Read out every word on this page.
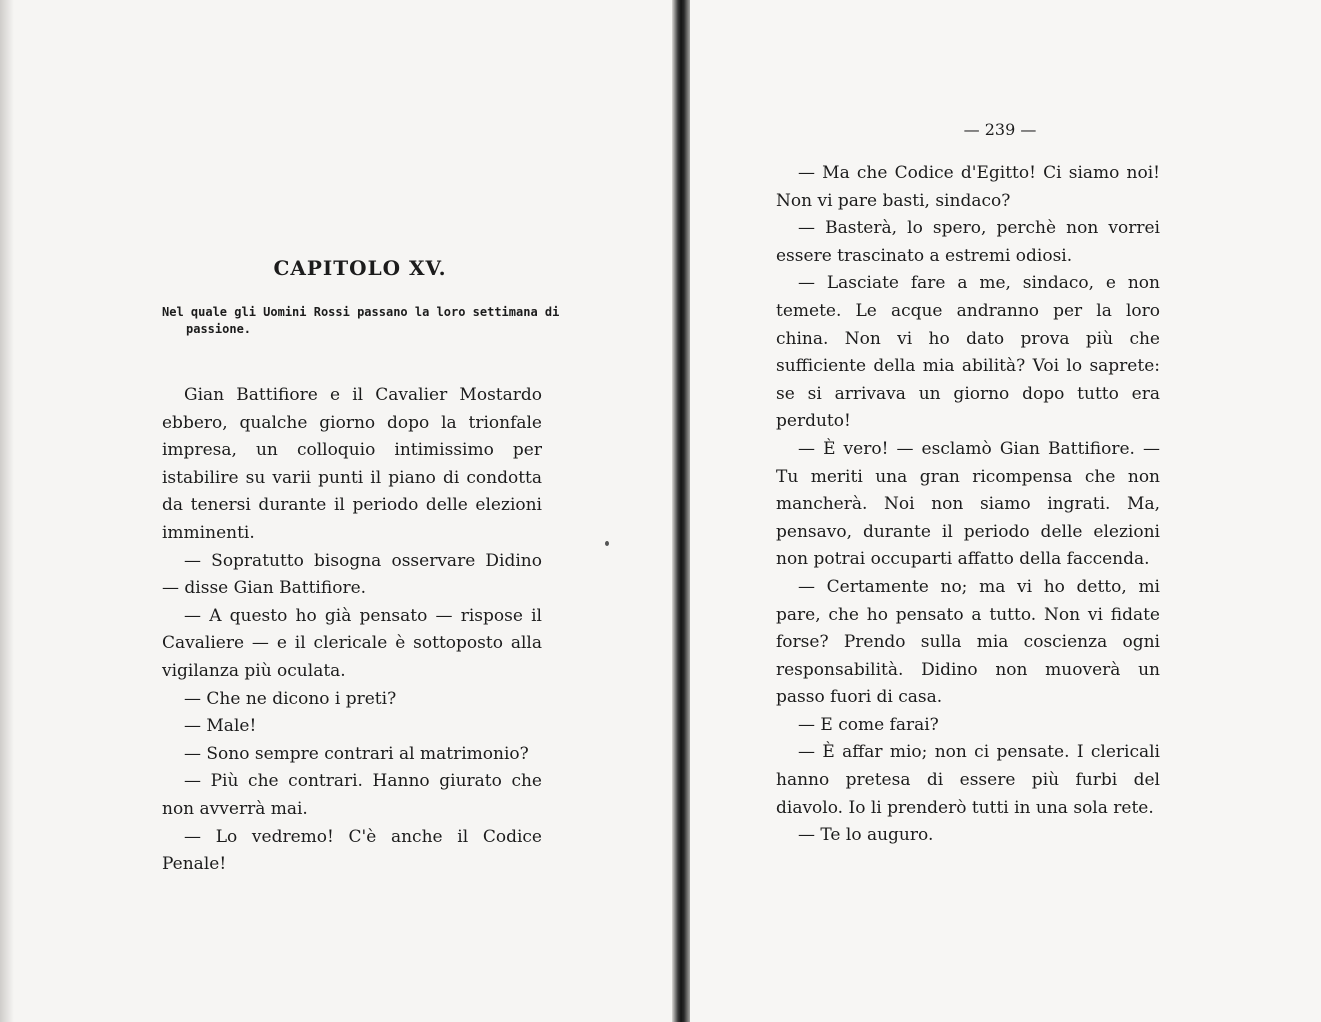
CAPITOLO XV.

Nel quale gli Uomini Rossi passano la loro settimana di passione.

Gian Battifiore e il Cavalier Mostardo ebbero, qualche giorno dopo la trionfale impresa, un colloquio intimissimo per istabilire su varii punti il piano di condotta da tenersi durante il periodo delle elezioni imminenti.

— Sopratutto bisogna osservare Didino — disse Gian Battifiore.

— A questo ho già pensato — rispose il Cavaliere — e il clericale è sottoposto alla vigilanza più oculata.

— Che ne dicono i preti?

— Male!

— Sono sempre contrari al matrimonio?

— Più che contrari. Hanno giurato che non avverrà mai.

— Lo vedremo! C'è anche il Codice Penale!

— 239 —

— Ma che Codice d'Egitto! Ci siamo noi! Non vi pare basti, sindaco?

— Basterà, lo spero, perchè non vorrei essere trascinato a estremi odiosi.

— Lasciate fare a me, sindaco, e non temete. Le acque andranno per la loro china. Non vi ho dato prova più che sufficiente della mia abilità? Voi lo saprete: se si arrivava un giorno dopo tutto era perduto!

— È vero! — esclamò Gian Battifiore. — Tu meriti una gran ricompensa che non mancherà. Noi non siamo ingrati. Ma, pensavo, durante il periodo delle elezioni non potrai occuparti affatto della faccenda.

— Certamente no; ma vi ho detto, mi pare, che ho pensato a tutto. Non vi fidate forse? Prendo sulla mia coscienza ogni responsabilità. Didino non muoverà un passo fuori di casa.

— E come farai?

— È affar mio; non ci pensate. I clericali hanno pretesa di essere più furbi del diavolo. Io li prenderò tutti in una sola rete.

— Te lo auguro.
